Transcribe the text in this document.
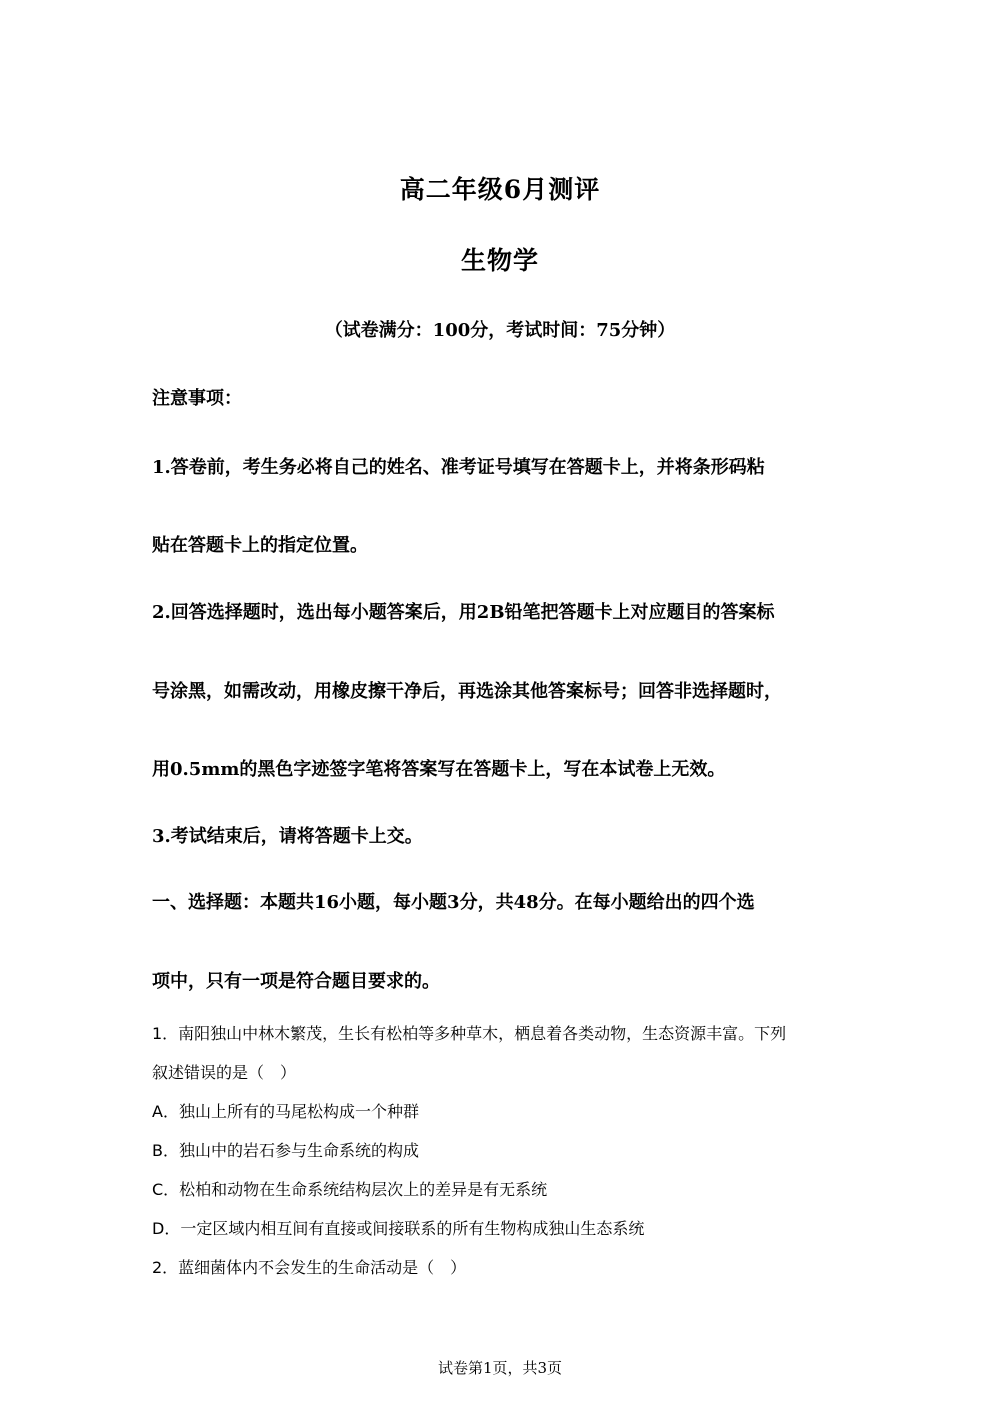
高二年级6月测评
生物学
（试卷满分：100分，考试时间：75分钟）
注意事项：
1.答卷前，考生务必将自己的姓名、准考证号填写在答题卡上，并将条形码粘
贴在答题卡上的指定位置。
2.回答选择题时，选出每小题答案后，用2B铅笔把答题卡上对应题目的答案标
号涂黑，如需改动，用橡皮擦干净后，再选涂其他答案标号；回答非选择题时，
用0.5mm的黑色字迹签字笔将答案写在答题卡上，写在本试卷上无效。
3.考试结束后，请将答题卡上交。
一、选择题：本题共16小题，每小题3分，共48分。在每小题给出的四个选
项中，只有一项是符合题目要求的。
1．南阳独山中林木繁茂，生长有松柏等多种草木，栖息着各类动物，生态资源丰富。下列
叙述错误的是（　）
A．独山上所有的马尾松构成一个种群
B．独山中的岩石参与生命系统的构成
C．松柏和动物在生命系统结构层次上的差异是有无系统
D．一定区域内相互间有直接或间接联系的所有生物构成独山生态系统
2．蓝细菌体内不会发生的生命活动是（　）
试卷第1页，共3页
